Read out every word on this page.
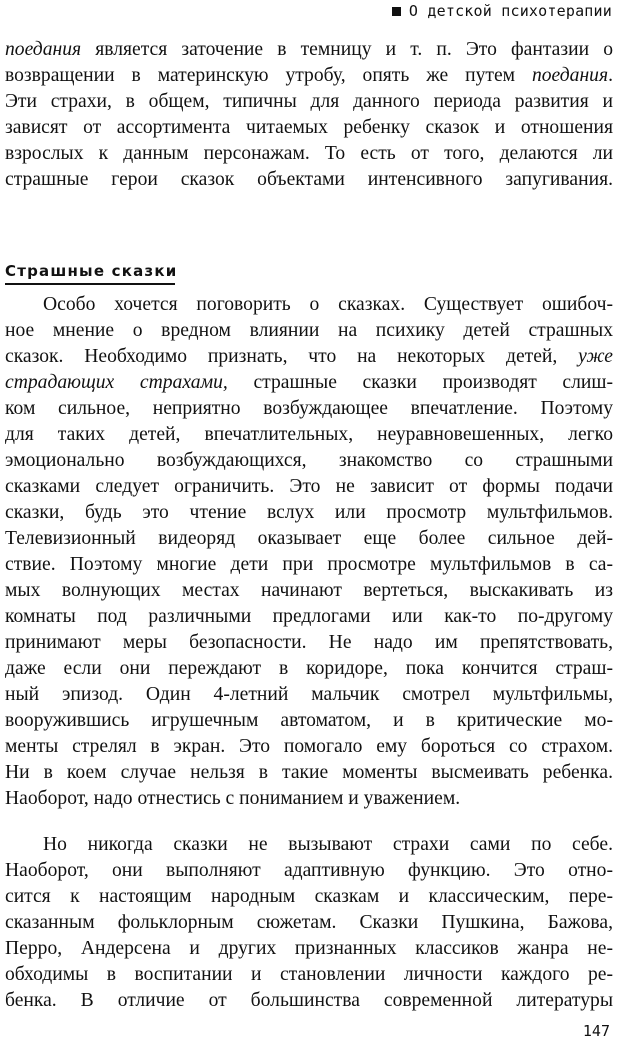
О детской психотерапии
поедания является заточение в темницу и т. п. Это фантазии о
возвращении в материнскую утробу, опять же путем поедания.
Эти страхи, в общем, типичны для данного периода развития и
зависят от ассортимента читаемых ребенку сказок и отношения
взрослых к данным персонажам. То есть от того, делаются ли
страшные герои сказок объектами интенсивного запугивания.
Страшные сказки
Особо хочется поговорить о сказках. Существует ошибоч-
ное мнение о вредном влиянии на психику детей страшных
сказок. Необходимо признать, что на некоторых детей, уже
страдающих страхами, страшные сказки производят слиш-
ком сильное, неприятно возбуждающее впечатление. Поэтому
для таких детей, впечатлительных, неуравновешенных, легко
эмоционально возбуждающихся, знакомство со страшными
сказками следует ограничить. Это не зависит от формы подачи
сказки, будь это чтение вслух или просмотр мультфильмов.
Телевизионный видеоряд оказывает еще более сильное дей-
ствие. Поэтому многие дети при просмотре мультфильмов в са-
мых волнующих местах начинают вертеться, выскакивать из
комнаты под различными предлогами или как-то по-другому
принимают меры безопасности. Не надо им препятствовать,
даже если они переждают в коридоре, пока кончится страш-
ный эпизод. Один 4-летний мальчик смотрел мультфильмы,
вооружившись игрушечным автоматом, и в критические мо-
менты стрелял в экран. Это помогало ему бороться со страхом.
Ни в коем случае нельзя в такие моменты высмеивать ребенка.
Наоборот, надо отнестись с пониманием и уважением.
Но никогда сказки не вызывают страхи сами по себе.
Наоборот, они выполняют адаптивную функцию. Это отно-
сится к настоящим народным сказкам и классическим, пере-
сказанным фольклорным сюжетам. Сказки Пушкина, Бажова,
Перро, Андерсена и других признанных классиков жанра не-
обходимы в воспитании и становлении личности каждого ре-
бенка. В отличие от большинства современной литературы
147
